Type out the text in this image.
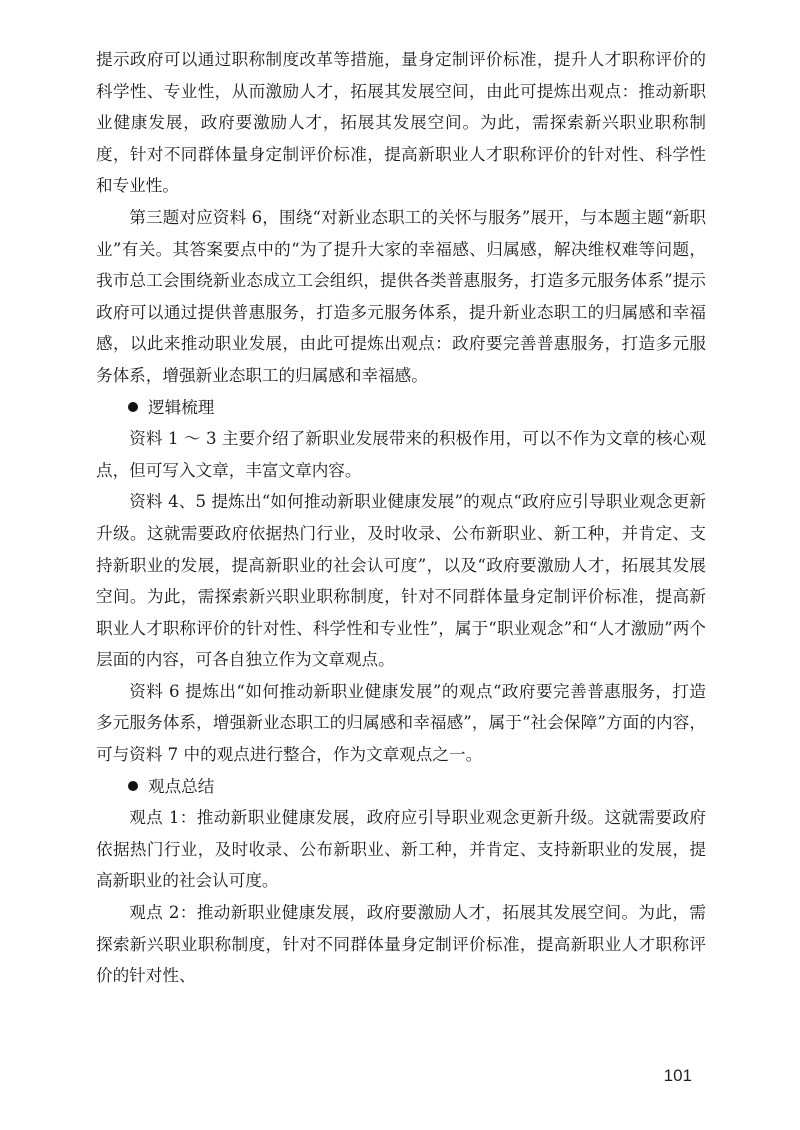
提示政府可以通过职称制度改革等措施，量身定制评价标准，提升人才职称评价的科学性、专业性，从而激励人才，拓展其发展空间，由此可提炼出观点：推动新职业健康发展，政府要激励人才，拓展其发展空间。为此，需探索新兴职业职称制度，针对不同群体量身定制评价标准，提高新职业人才职称评价的针对性、科学性和专业性。

第三题对应资料 6，围绕“对新业态职工的关怀与服务”展开，与本题主题“新职业”有关。其答案要点中的“为了提升大家的幸福感、归属感，解决维权难等问题，我市总工会围绕新业态成立工会组织，提供各类普惠服务，打造多元服务体系”提示政府可以通过提供普惠服务，打造多元服务体系，提升新业态职工的归属感和幸福感，以此来推动职业发展，由此可提炼出观点：政府要完善普惠服务，打造多元服务体系，增强新业态职工的归属感和幸福感。

逻辑梳理

资料 1 ～ 3 主要介绍了新职业发展带来的积极作用，可以不作为文章的核心观点，但可写入文章，丰富文章内容。

资料 4、5 提炼出“如何推动新职业健康发展”的观点“政府应引导职业观念更新升级。这就需要政府依据热门行业，及时收录、公布新职业、新工种，并肯定、支持新职业的发展，提高新职业的社会认可度”，以及“政府要激励人才，拓展其发展空间。为此，需探索新兴职业职称制度，针对不同群体量身定制评价标准，提高新职业人才职称评价的针对性、科学性和专业性”，属于“职业观念”和“人才激励”两个层面的内容，可各自独立作为文章观点。

资料 6 提炼出“如何推动新职业健康发展”的观点“政府要完善普惠服务，打造多元服务体系，增强新业态职工的归属感和幸福感”，属于“社会保障”方面的内容，可与资料 7 中的观点进行整合，作为文章观点之一。

观点总结

观点 1：推动新职业健康发展，政府应引导职业观念更新升级。这就需要政府依据热门行业，及时收录、公布新职业、新工种，并肯定、支持新职业的发展，提高新职业的社会认可度。

观点 2：推动新职业健康发展，政府要激励人才，拓展其发展空间。为此，需探索新兴职业职称制度，针对不同群体量身定制评价标准，提高新职业人才职称评价的针对性、

101
